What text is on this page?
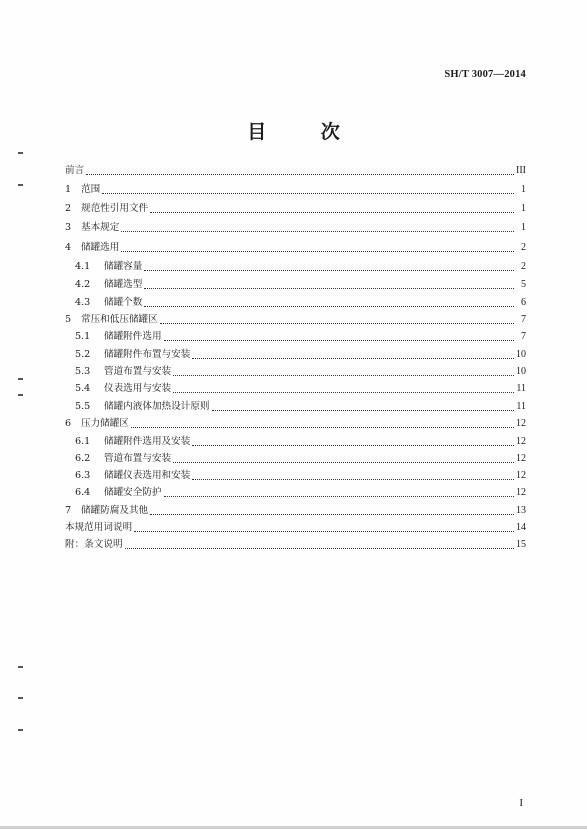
SH/T 3007—2014
目 次
前言	III
1	范围	1
2	规范性引用文件	1
3	基本规定	1
4	储罐选用	2
4.1	储罐容量	2
4.2	储罐选型	5
4.3	储罐个数	6
5	常压和低压储罐区	7
5.1	储罐附件选用	7
5.2	储罐附件布置与安装	10
5.3	管道布置与安装	10
5.4	仪表选用与安装	11
5.5	储罐内液体加热设计原则	11
6	压力储罐区	12
6.1	储罐附件选用及安装	12
6.2	管道布置与安装	12
6.3	储罐仪表选用和安装	12
6.4	储罐安全防护	12
7	储罐防腐及其他	13
本规范用词说明	14
附：条文说明	15
I
